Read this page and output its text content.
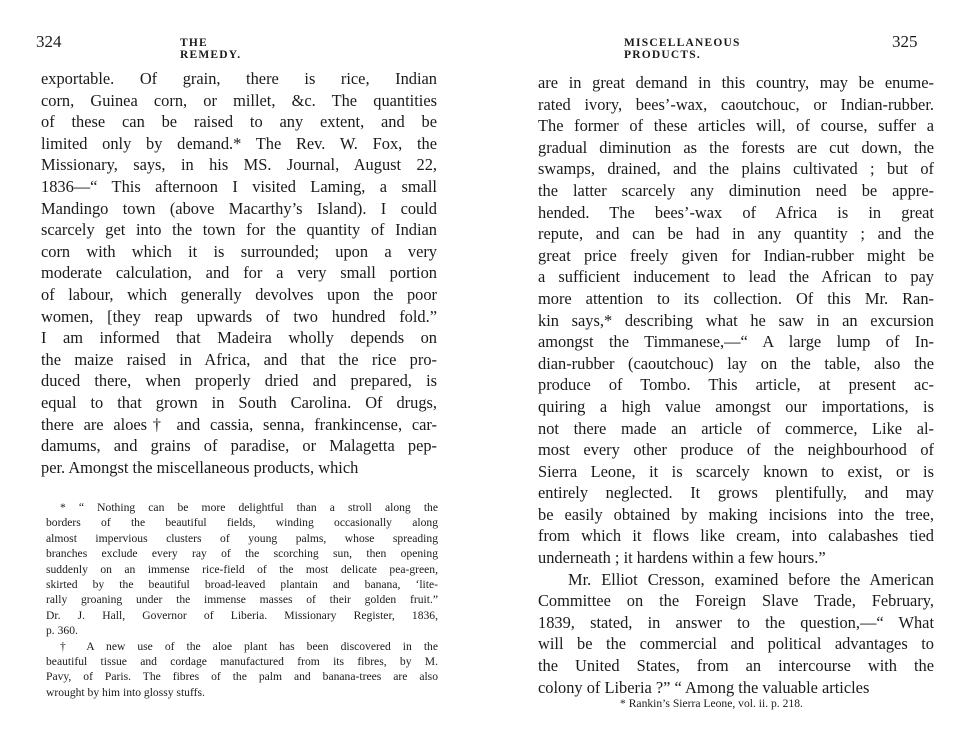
324	THE REMEDY.
exportable. Of grain, there is rice, Indian
corn, Guinea corn, or millet, &c. The quantities
of these can be raised to any extent, and be
limited only by demand.* The Rev. W. Fox, the
Missionary, says, in his MS. Journal, August 22,
1836—“ This afternoon I visited Laming, a small
Mandingo town (above Macarthy’s Island). I could
scarcely get into the town for the quantity of Indian
corn with which it is surrounded; upon a very
moderate calculation, and for a very small portion
of labour, which generally devolves upon the poor
women, [they reap upwards of two hundred fold.”
I am informed that Madeira wholly depends on
the maize raised in Africa, and that the rice pro-
duced there, when properly dried and prepared, is
equal to that grown in South Carolina. Of drugs,
there are aloes† and cassia, senna, frankincense, car-
damums, and grains of paradise, or Malagetta pep-
per. Amongst the miscellaneous products, which
* “ Nothing can be more delightful than a stroll along the
borders of the beautiful fields, winding occasionally along
almost impervious clusters of young palms, whose spreading
branches exclude every ray of the scorching sun, then opening
suddenly on an immense rice-field of the most delicate pea-green,
skirted by the beautiful broad-leaved plantain and banana, ‘lite-
rally groaning under the immense masses of their golden fruit.”
Dr. J. Hall, Governor of Liberia. Missionary Register, 1836,
p. 360.
† A new use of the aloe plant has been discovered in the
beautiful tissue and cordage manufactured from its fibres, by M.
Pavy, of Paris. The fibres of the palm and banana-trees are also
wrought by him into glossy stuffs.
MISCELLANEOUS PRODUCTS.
325
are in great demand in this country, may be enume-
rated ivory, bees’-wax, caoutchouc, or Indian-rubber.
The former of these articles will, of course, suffer a
gradual diminution as the forests are cut down, the
swamps, drained, and the plains cultivated ; but of
the latter scarcely any diminution need be appre-
hended. The bees’-wax of Africa is in great
repute, and can be had in any quantity ; and the
great price freely given for Indian-rubber might be
a sufficient inducement to lead the African to pay
more attention to its collection. Of this Mr. Ran-
kin says,* describing what he saw in an excursion
amongst the Timmanese,—“ A large lump of In-
dian-rubber (caoutchouc) lay on the table, also the
produce of Tombo. This article, at present ac-
quiring a high value amongst our importations, is
not there made an article of commerce, Like al-
most every other produce of the neighbourhood of
Sierra Leone, it is scarcely known to exist, or is
entirely neglected. It grows plentifully, and may
be easily obtained by making incisions into the tree,
from which it flows like cream, into calabashes tied
underneath ; it hardens within a few hours.”
Mr. Elliot Cresson, examined before the American
Committee on the Foreign Slave Trade, February,
1839, stated, in answer to the question,—“ What
will be the commercial and political advantages to
the United States, from an intercourse with the
colony of Liberia ?” “ Among the valuable articles
* Rankin’s Sierra Leone, vol. ii. p. 218.
